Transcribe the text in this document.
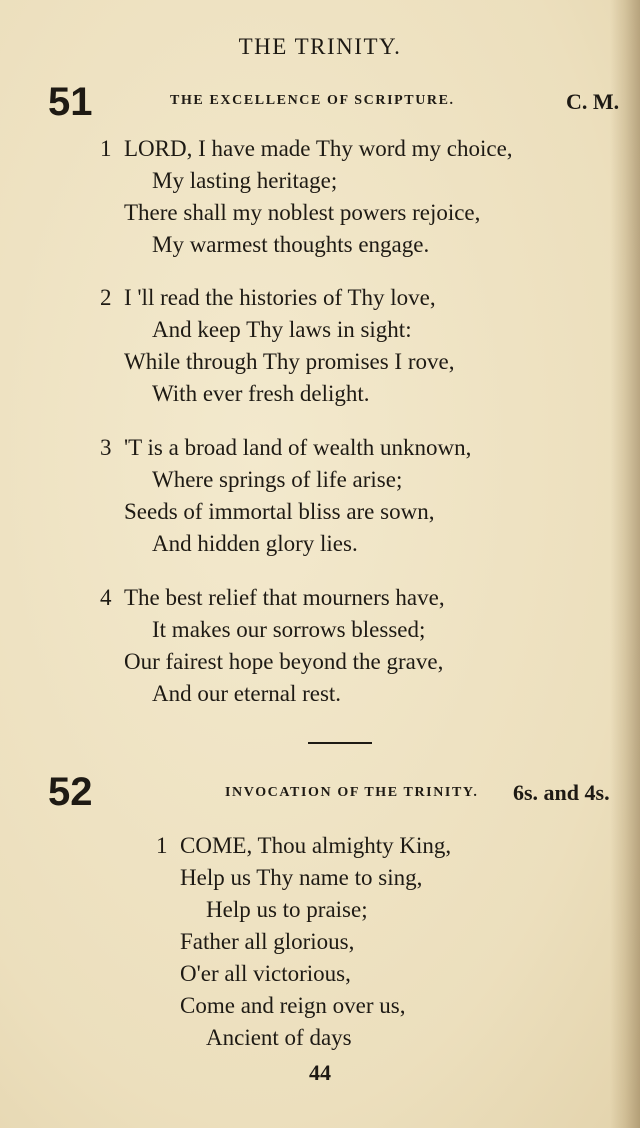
THE TRINITY.
51	THE EXCELLENCE OF SCRIPTURE.	C. M.
1 LORD, I have made Thy word my choice,
My lasting heritage;
There shall my noblest powers rejoice,
My warmest thoughts engage.
2 I 'll read the histories of Thy love,
And keep Thy laws in sight:
While through Thy promises I rove,
With ever fresh delight.
3 'T is a broad land of wealth unknown,
Where springs of life arise;
Seeds of immortal bliss are sown,
And hidden glory lies.
4 The best relief that mourners have,
It makes our sorrows blessed;
Our fairest hope beyond the grave,
And our eternal rest.
52	INVOCATION OF THE TRINITY. 6s. and 4s.
1 COME, Thou almighty King,
Help us Thy name to sing,
Help us to praise;
Father all glorious,
O'er all victorious,
Come and reign over us,
Ancient of days
44
